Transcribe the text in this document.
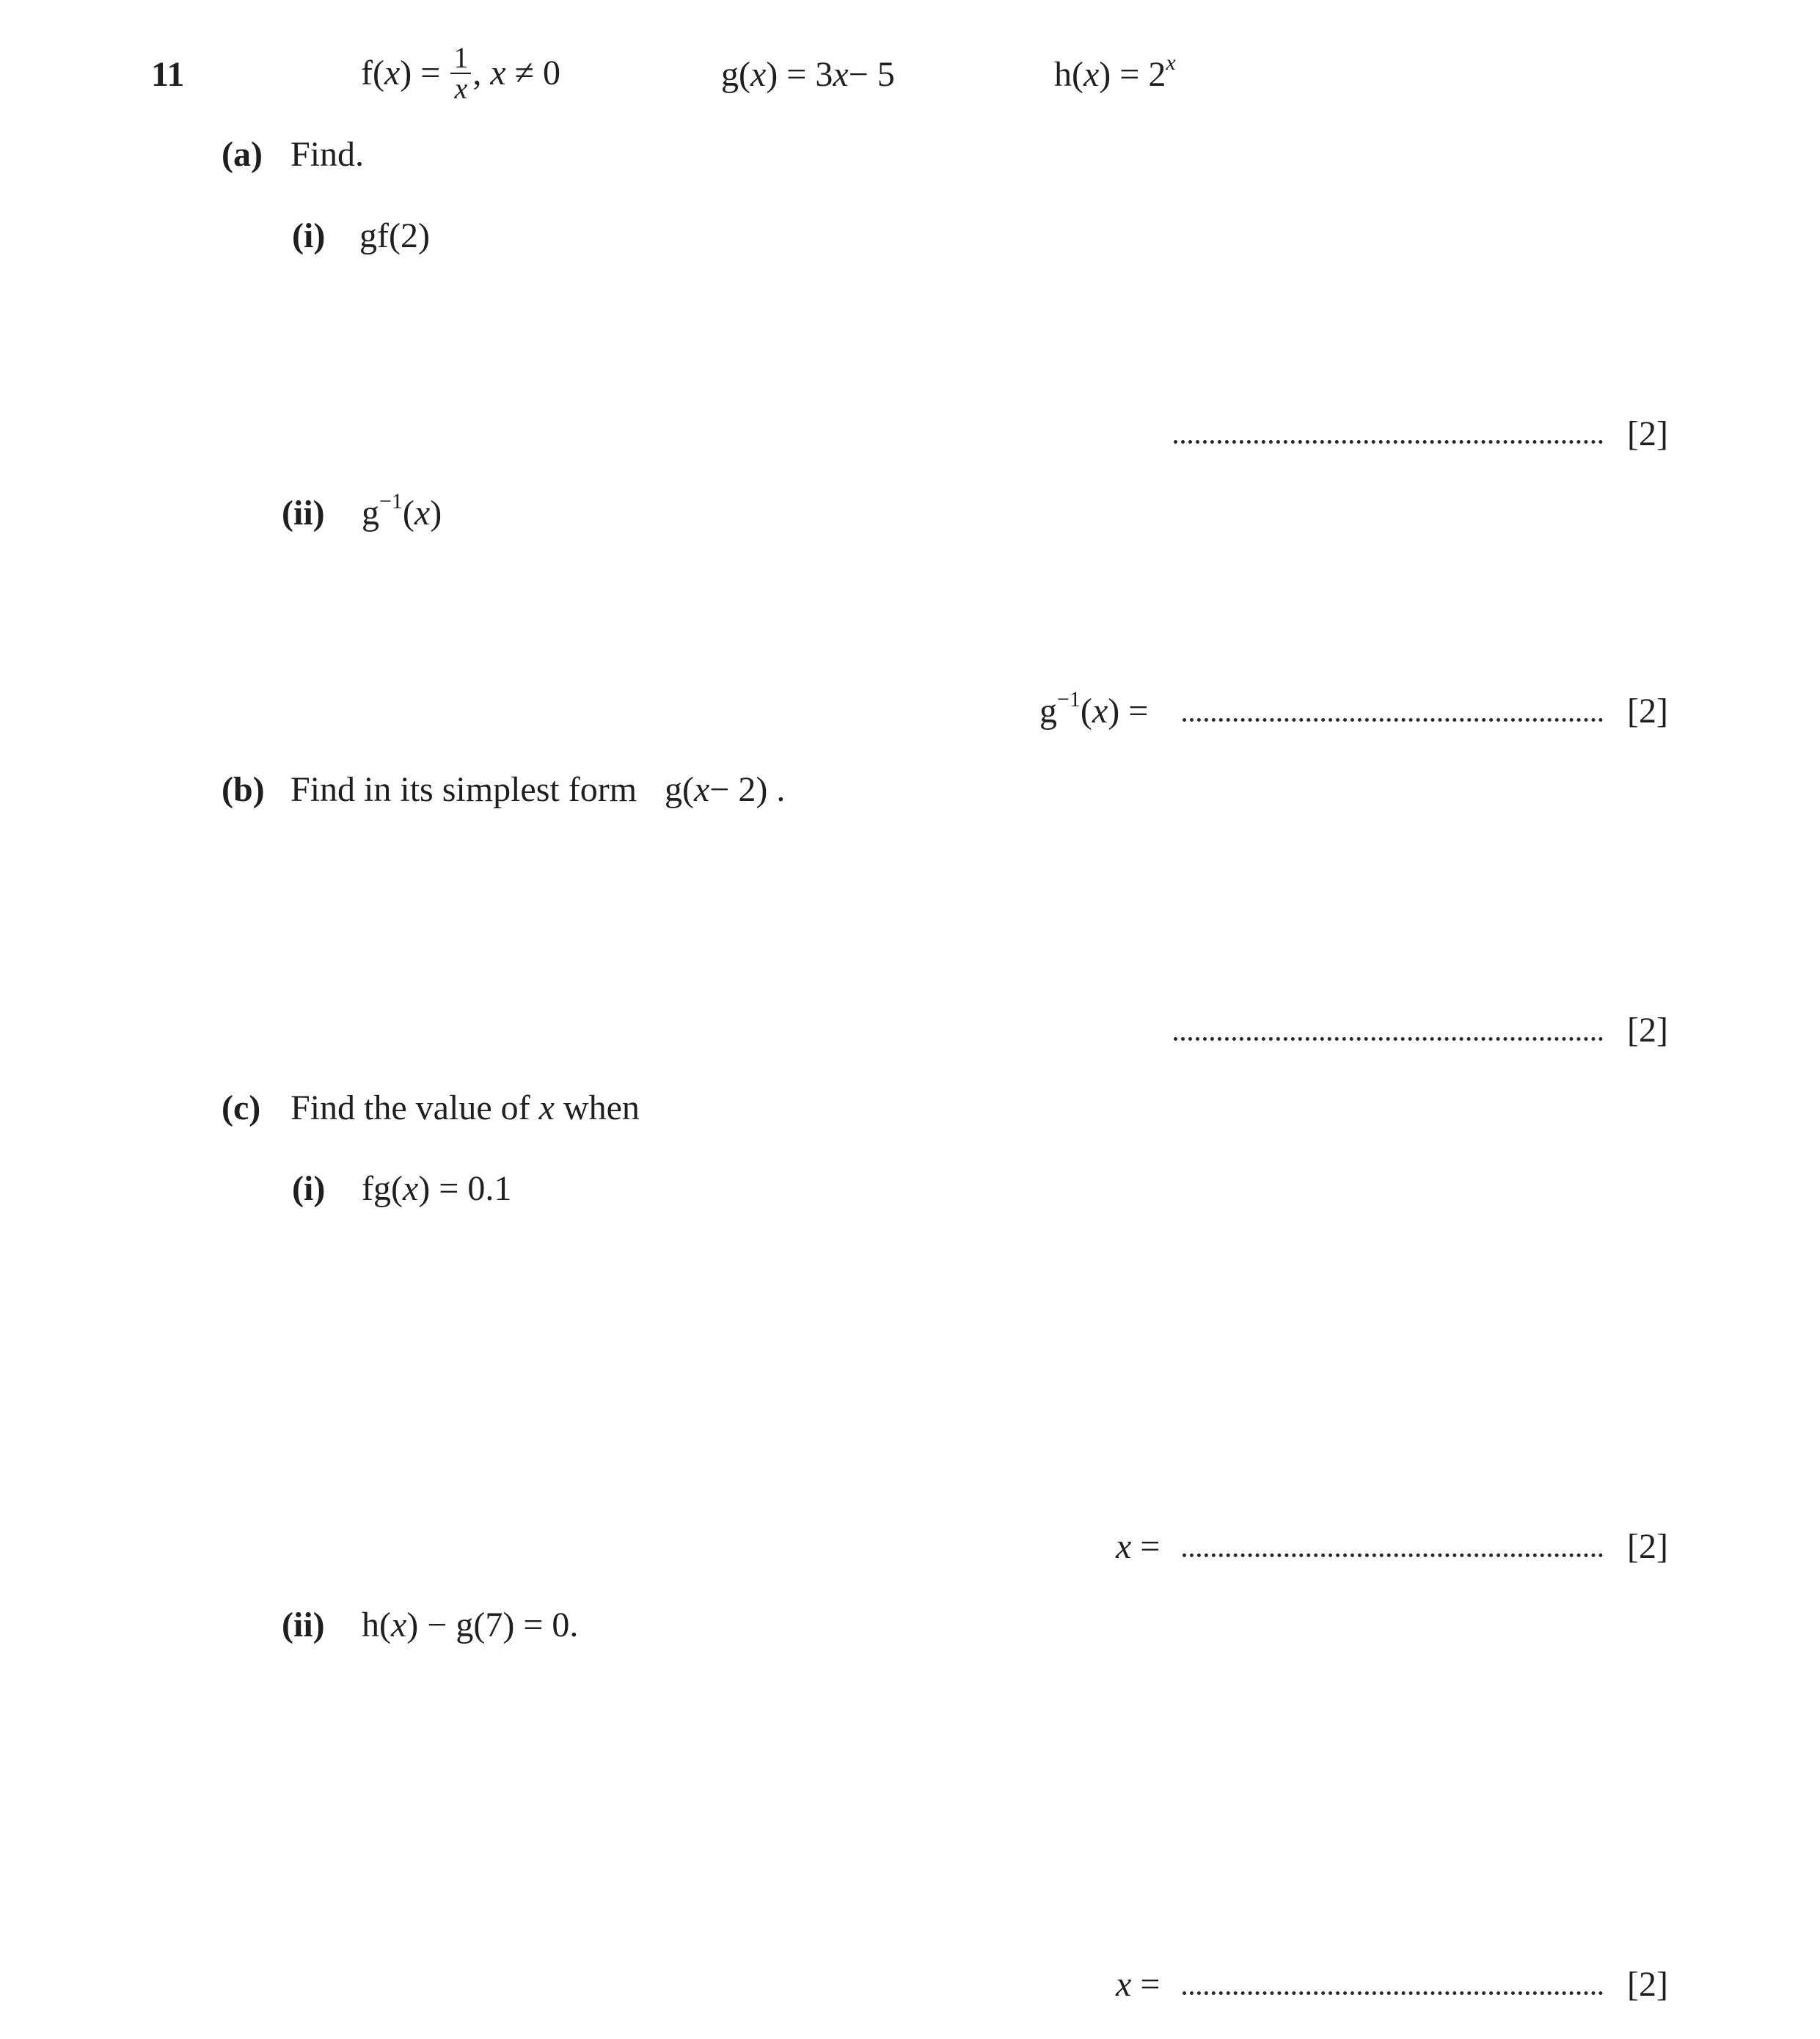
11	$f(x) = \frac{1}{x}$ , x ≠ 0	g(x) = 3x− 5	$h(x) = 2^x$
(a) Find.
(i) gf(2)
[2]
(ii) $g^{-1}(x)$
$g^{-1}(x)$ =	[2]
(b) Find in its simplest form g(x− 2) .
[2]
(c) Find the value of x when
(i) fg(x) = 0.1
x =	[2]
(ii) h(x) − g(7) = 0.
x =	[2]
